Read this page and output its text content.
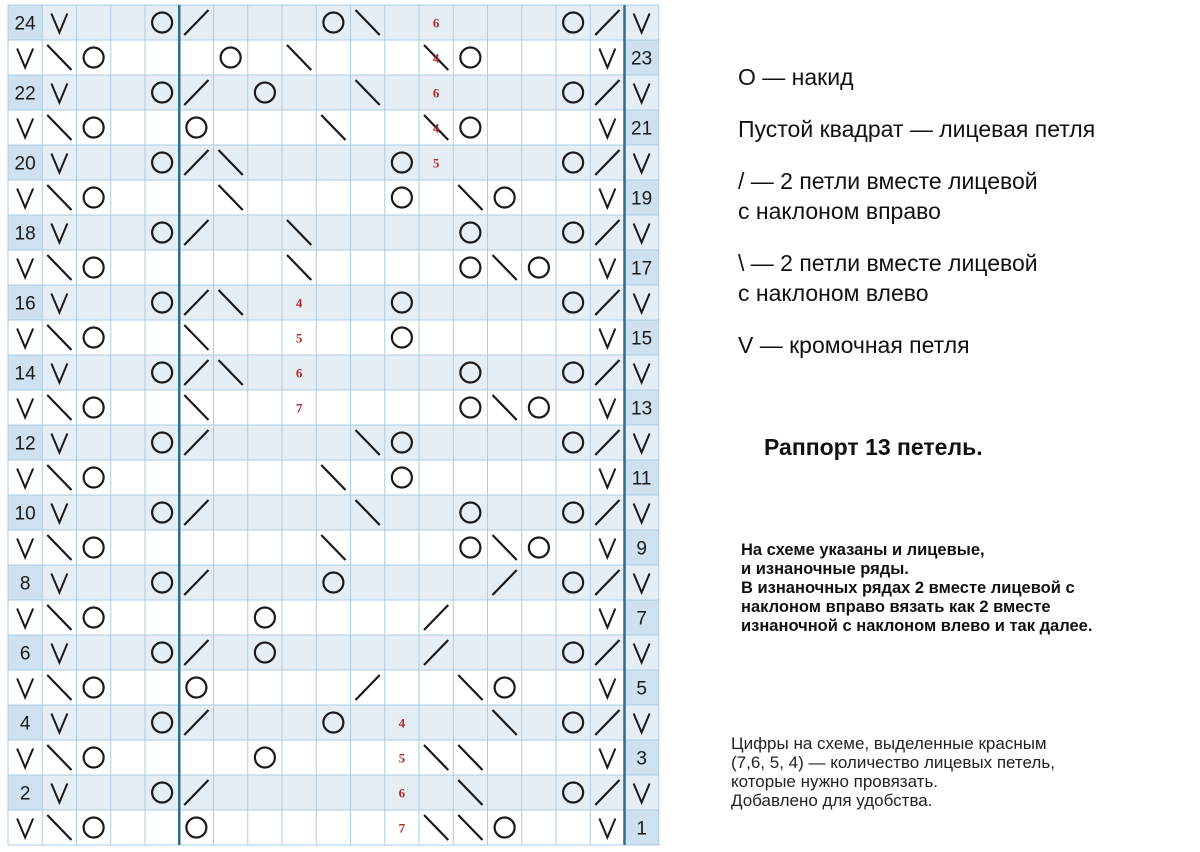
1
2
3
4
5
6
7
8
9
10
11
12
13
14
15
16
17
18
19
20
21
22
23
24	6
4
6
4
5
4
5
6
7
4
5
6
7
O — накид
Пустой квадрат — лицевая петля
/ — 2 петли вместе лицевой
с наклоном вправо
\ — 2 петли вместе лицевой
с наклоном влево
V — кромочная петля
Раппорт 13 петель.
На схеме указаны и лицевые,
и изнаночные ряды.
В изнаночных рядах 2 вместе лицевой с
наклоном вправо вязать как 2 вместе
изнаночной с наклоном влево и так далее.
Цифры на схеме, выделенные красным
(7,6, 5, 4) — количество лицевых петель,
которые нужно провязать.
Добавлено для удобства.
